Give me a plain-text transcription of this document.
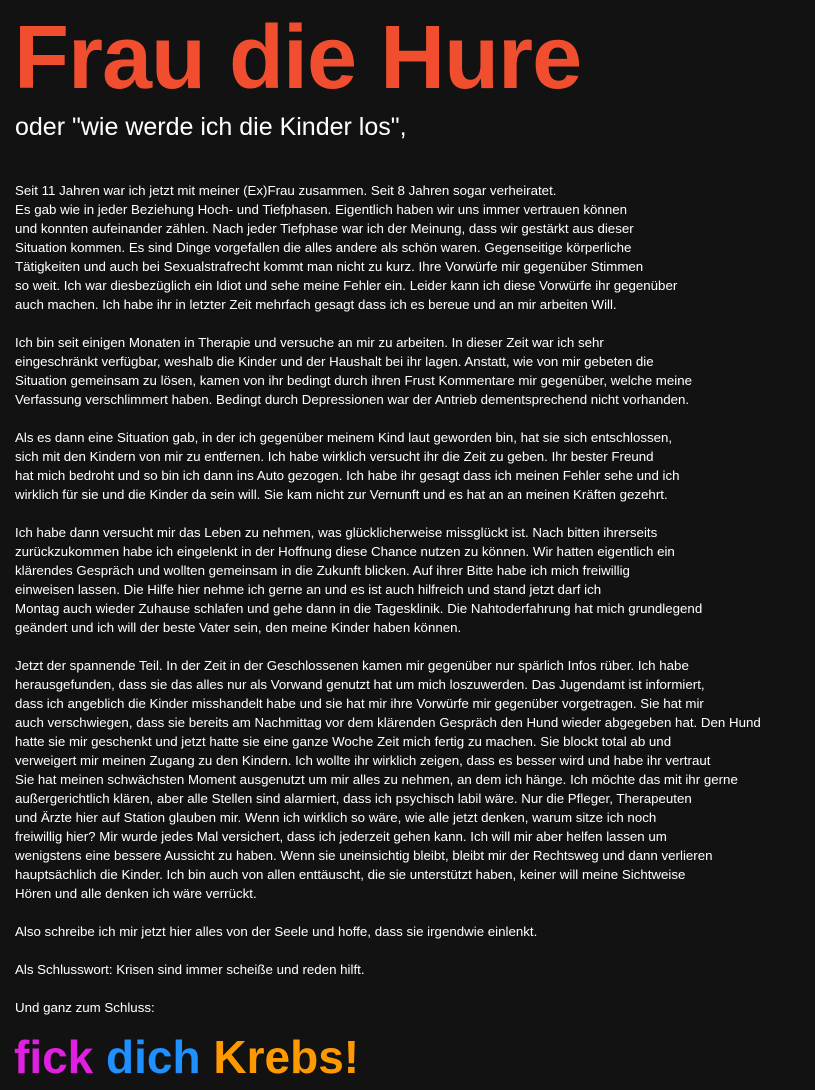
Frau die Hure
oder "wie werde ich die Kinder los",

Seit 11 Jahren war ich jetzt mit meiner (Ex)Frau zusammen. Seit 8 Jahren sogar verheiratet.
Es gab wie in jeder Beziehung Hoch- und Tiefphasen. Eigentlich haben wir uns immer vertrauen können
und konnten aufeinander zählen. Nach jeder Tiefphase war ich der Meinung, dass wir gestärkt aus dieser
Situation kommen. Es sind Dinge vorgefallen die alles andere als schön waren. Gegenseitige körperliche
Tätigkeiten und auch bei Sexualstrafrecht kommt man nicht zu kurz. Ihre Vorwürfe mir gegenüber Stimmen
so weit. Ich war diesbezüglich ein Idiot und sehe meine Fehler ein. Leider kann ich diese Vorwürfe ihr gegenüber
auch machen. Ich habe ihr in letzter Zeit mehrfach gesagt dass ich es bereue und an mir arbeiten Will.

Ich bin seit einigen Monaten in Therapie und versuche an mir zu arbeiten. In dieser Zeit war ich sehr
eingeschränkt verfügbar, weshalb die Kinder und der Haushalt bei ihr lagen. Anstatt, wie von mir gebeten die
Situation gemeinsam zu lösen, kamen von ihr bedingt durch ihren Frust Kommentare mir gegenüber, welche meine
Verfassung verschlimmert haben. Bedingt durch Depressionen war der Antrieb dementsprechend nicht vorhanden.

Als es dann eine Situation gab, in der ich gegenüber meinem Kind laut geworden bin, hat sie sich entschlossen,
sich mit den Kindern von mir zu entfernen. Ich habe wirklich versucht ihr die Zeit zu geben. Ihr bester Freund
hat mich bedroht und so bin ich dann ins Auto gezogen. Ich habe ihr gesagt dass ich meinen Fehler sehe und ich
wirklich für sie und die Kinder da sein will. Sie kam nicht zur Vernunft und es hat an an meinen Kräften gezehrt.

Ich habe dann versucht mir das Leben zu nehmen, was glücklicherweise missglückt ist. Nach bitten ihrerseits
zurückzukommen habe ich eingelenkt in der Hoffnung diese Chance nutzen zu können. Wir hatten eigentlich ein
klärendes Gespräch und wollten gemeinsam in die Zukunft blicken. Auf ihrer Bitte habe ich mich freiwillig
einweisen lassen. Die Hilfe hier nehme ich gerne an und es ist auch hilfreich und stand jetzt darf ich
Montag auch wieder Zuhause schlafen und gehe dann in die Tagesklinik. Die Nahtoderfahrung hat mich grundlegend
geändert und ich will der beste Vater sein, den meine Kinder haben können.

Jetzt der spannende Teil. In der Zeit in der Geschlossenen kamen mir gegenüber nur spärlich Infos rüber. Ich habe
herausgefunden, dass sie das alles nur als Vorwand genutzt hat um mich loszuwerden. Das Jugendamt ist informiert,
dass ich angeblich die Kinder misshandelt habe und sie hat mir ihre Vorwürfe mir gegenüber vorgetragen. Sie hat mir
auch verschwiegen, dass sie bereits am Nachmittag vor dem klärenden Gespräch den Hund wieder abgegeben hat. Den Hund
hatte sie mir geschenkt und jetzt hatte sie eine ganze Woche Zeit mich fertig zu machen. Sie blockt total ab und
verweigert mir meinen Zugang zu den Kindern. Ich wollte ihr wirklich zeigen, dass es besser wird und habe ihr vertraut
Sie hat meinen schwächsten Moment ausgenutzt um mir alles zu nehmen, an dem ich hänge. Ich möchte das mit ihr gerne
außergerichtlich klären, aber alle Stellen sind alarmiert, dass ich psychisch labil wäre. Nur die Pfleger, Therapeuten
und Ärzte hier auf Station glauben mir. Wenn ich wirklich so wäre, wie alle jetzt denken, warum sitze ich noch
freiwillig hier? Mir wurde jedes Mal versichert, dass ich jederzeit gehen kann. Ich will mir aber helfen lassen um
wenigstens eine bessere Aussicht zu haben. Wenn sie uneinsichtig bleibt, bleibt mir der Rechtsweg und dann verlieren
hauptsächlich die Kinder. Ich bin auch von allen enttäuscht, die sie unterstützt haben, keiner will meine Sichtweise
Hören und alle denken ich wäre verrückt.

Also schreibe ich mir jetzt hier alles von der Seele und hoffe, dass sie irgendwie einlenkt.

Als Schlusswort: Krisen sind immer scheiße und reden hilft.

Und ganz zum Schluss:

fick dich Krebs!
